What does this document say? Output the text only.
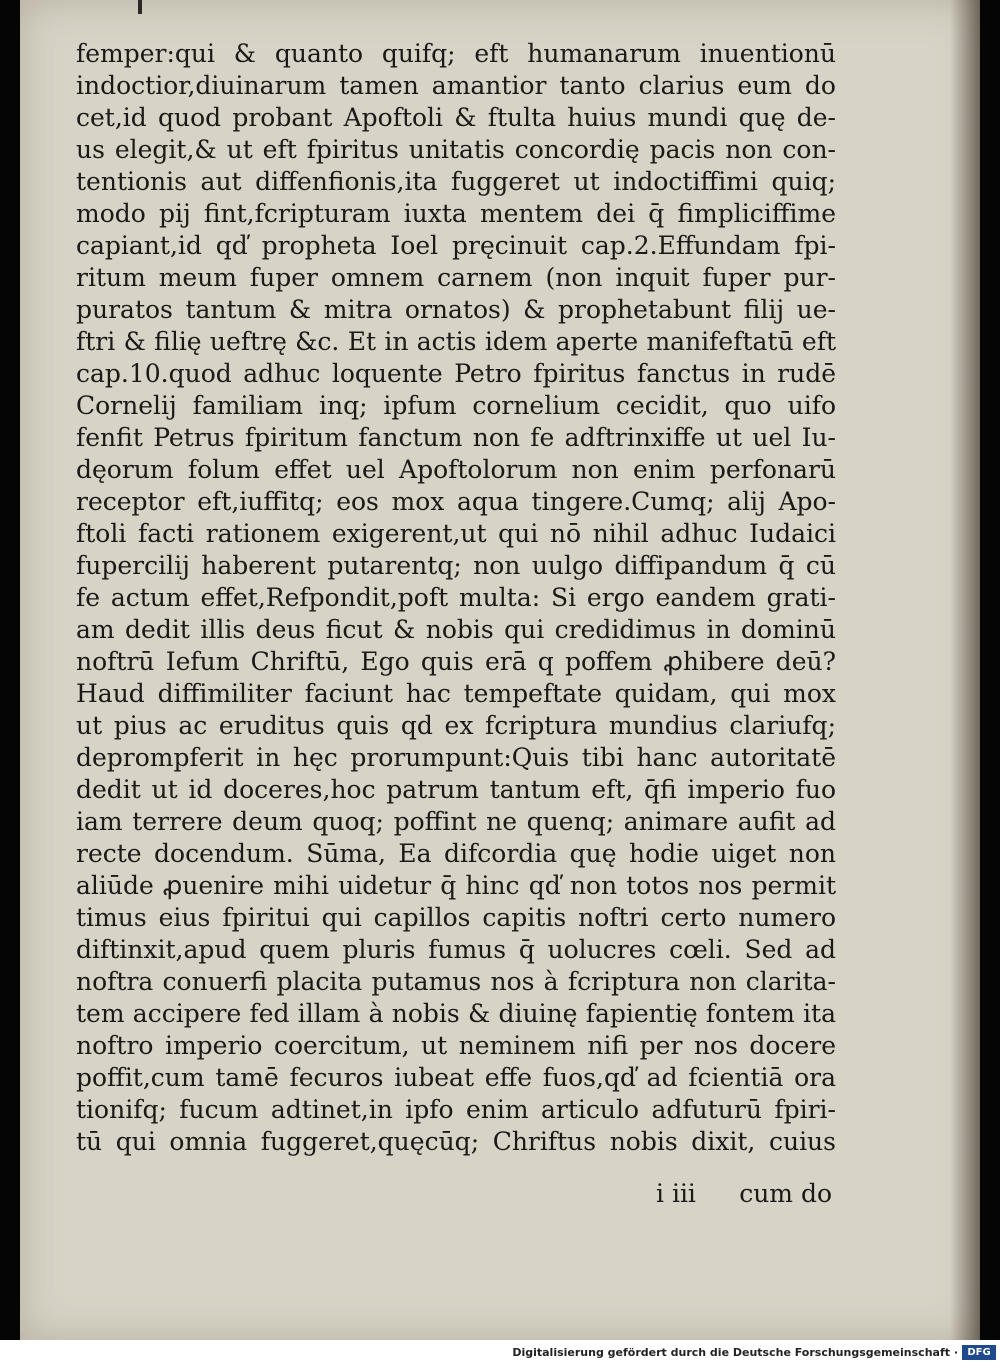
femper:qui & quanto quifq; eft humanarum inuentionū
indoctior,diuinarum tamen amantior tanto clarius eum do
cet,id quod probant Apoftoli & ftulta huius mundi quę de-
us elegit,& ut eft fpiritus unitatis concordię pacis non con-
tentionis aut diffenfionis,ita fuggeret ut indoctiffimi quiq;
modo pij fint,fcripturam iuxta mentem dei q̄ fimpliciffime
capiant,id qď propheta Ioel pręcinuit cap.2.Effundam fpi-
ritum meum fuper omnem carnem (non inquit fuper pur-
puratos tantum & mitra ornatos) & prophetabunt filij ue-
ftri & filię ueftrę &c. Et in actis idem aperte manifeftatū eft
cap.10.quod adhuc loquente Petro fpiritus fanctus in rudē
Cornelij familiam inq; ipfum cornelium cecidit, quo uifo
fenfit Petrus fpiritum fanctum non fe adftrinxiffe ut uel Iu-
dęorum folum effet uel Apoftolorum non enim perfonarū
receptor eft,iuffitq; eos mox aqua tingere.Cumq; alij Apo-
ftoli facti rationem exigerent,ut qui nō nihil adhuc Iudaici
fupercilij haberent putarentq; non uulgo diffipandum q̄ cū
fe actum effet,Refpondit,poft multa: Si ergo eandem grati-
am dedit illis deus ficut & nobis qui credidimus in dominū
noftrū Iefum Chriftū, Ego quis erā q poffem ꝓhibere deū?
Haud diffimiliter faciunt hac tempeftate quidam, qui mox
ut pius ac eruditus quis qd ex fcriptura mundius clariufq;
deprompferit in hęc prorumpunt:Quis tibi hanc autoritatē
dedit ut id doceres,hoc patrum tantum eft, q̄fi imperio fuo
iam terrere deum quoq; poffint ne quenq; animare aufit ad
recte docendum. Sūma, Ea difcordia quę hodie uiget non
aliūde ꝓuenire mihi uidetur q̄ hinc qď non totos nos permit
timus eius fpiritui qui capillos capitis noftri certo numero
diftinxit,apud quem pluris fumus q̄ uolucres cœli. Sed ad
noftra conuerfi placita putamus nos à fcriptura non clarita-
tem accipere fed illam à nobis & diuinę fapientię fontem ita
noftro imperio coercitum, ut neminem nifi per nos docere
poffit,cum tamē fecuros iubeat effe fuos,qď ad fcientiā ora
tionifq; fucum adtinet,in ipfo enim articulo adfuturū fpiri-
tū qui omnia fuggeret,quęcūq; Chriftus nobis dixit, cuius
i iii cum do
Digitalisierung gefördert durch die Deutsche Forschungsgemeinschaft · DFG
